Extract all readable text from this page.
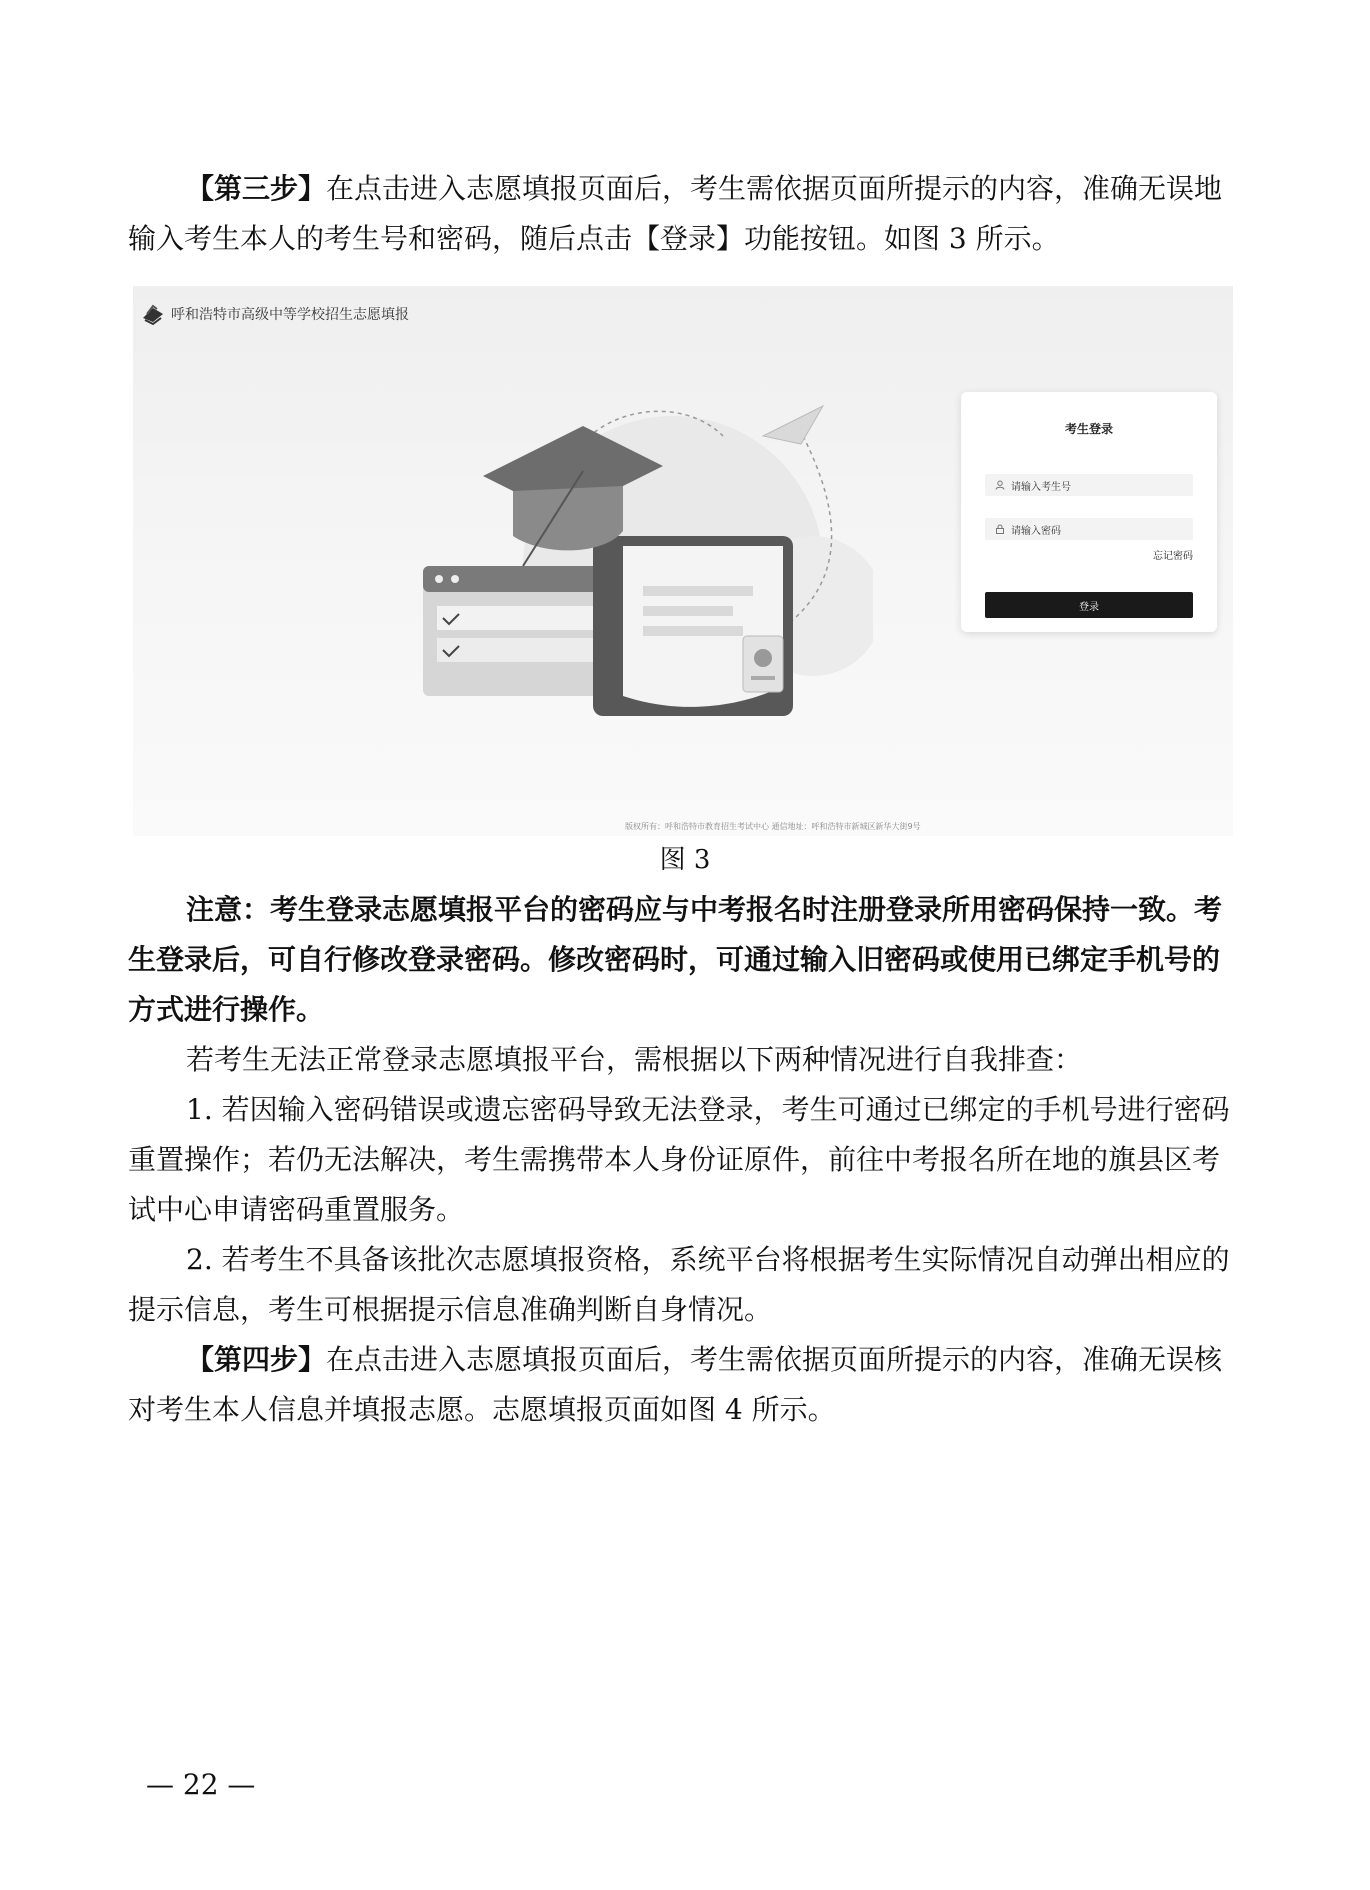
【第三步】在点击进入志愿填报页面后，考生需依据页面所提示的内容，准确无误地输入考生本人的考生号和密码，随后点击【登录】功能按钮。如图 3 所示。

呼和浩特市高级中等学校招生志愿填报
考生登录
请输入考生号
请输入密码
忘记密码
登录
版权所有：呼和浩特市教育招生考试中心 通信地址：呼和浩特市新城区新华大街9号
图 3

注意：考生登录志愿填报平台的密码应与中考报名时注册登录所用密码保持一致。考生登录后，可自行修改登录密码。修改密码时，可通过输入旧密码或使用已绑定手机号的方式进行操作。

若考生无法正常登录志愿填报平台，需根据以下两种情况进行自我排查：

1. 若因输入密码错误或遗忘密码导致无法登录，考生可通过已绑定的手机号进行密码重置操作；若仍无法解决，考生需携带本人身份证原件，前往中考报名所在地的旗县区考试中心申请密码重置服务。

2. 若考生不具备该批次志愿填报资格，系统平台将根据考生实际情况自动弹出相应的提示信息，考生可根据提示信息准确判断自身情况。

【第四步】在点击进入志愿填报页面后，考生需依据页面所提示的内容，准确无误核对考生本人信息并填报志愿。志愿填报页面如图 4 所示。

— 22 —
